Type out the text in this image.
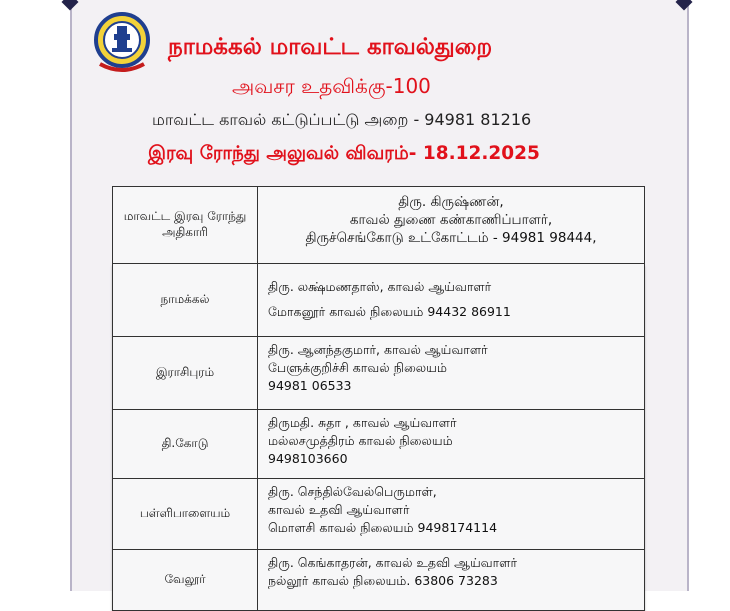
நாமக்கல் மாவட்ட காவல்துறை
அவசர உதவிக்கு-100
மாவட்ட காவல் கட்டுப்பட்டு அறை - 94981 81216
இரவு ரோந்து அலுவல் விவரம்- 18.12.2025
மாவட்ட இரவு ரோந்து அதிகாரி
திரு. கிருஷ்ணன்,
காவல் துணை கண்காணிப்பாளர்,
திருச்செங்கோடு உட்கோட்டம் - 94981 98444,
நாமக்கல்
திரு. லக்ஷ்மணதாஸ், காவல் ஆய்வாளர்
மோகனூர் காவல் நிலையம் 94432 86911
இராசிபுரம்
திரு. ஆனந்தகுமார், காவல் ஆய்வாளர்
பேளுக்குறிச்சி காவல் நிலையம்
94981 06533
தி.கோடு
திருமதி. சுதா , காவல் ஆய்வாளர்
மல்லசமுத்திரம் காவல் நிலையம்
9498103660
பள்ளிபாளையம்
திரு. செந்தில்வேல்பெருமாள்,
காவல் உதவி ஆய்வாளர்
மொளசி காவல் நிலையம் 9498174114
வேலூர்
திரு. கெங்காதரன், காவல் உதவி ஆய்வாளர்
நல்லூர் காவல் நிலையம். 63806 73283
